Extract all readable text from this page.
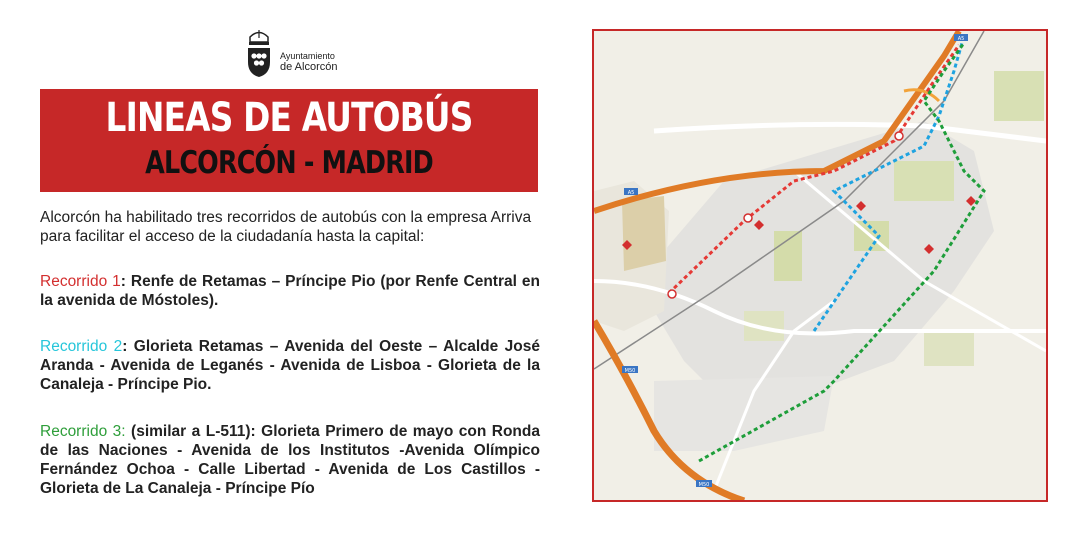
Ayuntamiento
de Alcorcón
LINEAS DE AUTOBÚS
ALCORCÓN - MADRID
Alcorcón ha habilitado tres recorridos de autobús con la empresa Arriva para facilitar el acceso de la ciudadanía hasta la capital:
Recorrido 1: Renfe de Retamas – Príncipe Pio (por Renfe Central en la avenida de Móstoles).
Recorrido 2: Glorieta Retamas – Avenida del Oeste – Alcalde José Aranda - Avenida de Leganés - Avenida de Lisboa - Glorieta de la Canaleja - Príncipe Pio.
Recorrido 3: (similar a L-511): Glorieta Primero de mayo con Ronda de las Naciones - Avenida de los Institutos -Avenida Olímpico Fernández Ochoa - Calle Libertad - Avenida de Los Castillos - Glorieta de La Canaleja - Príncipe Pío
A5
A5
M50
M50
